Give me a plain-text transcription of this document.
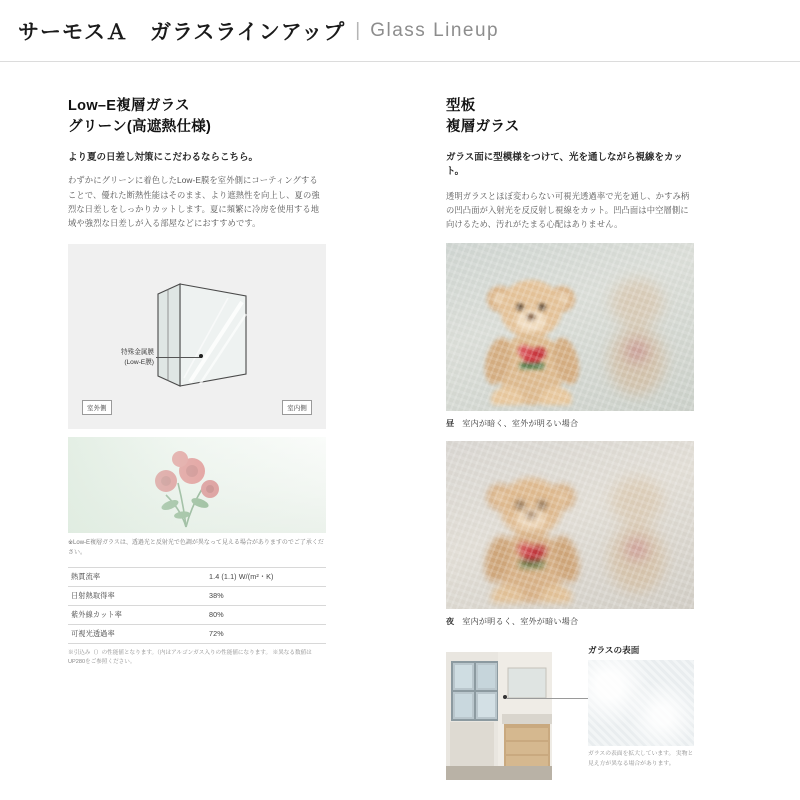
サーモスＡ　ガラスラインアップ | Glass Lineup
Low–E複層ガラス
グリーン(高遮熱仕様)
より夏の日差し対策にこだわるならこちら。
わずかにグリーンに着色したLow-E膜を室外側にコーティングすることで、優れた断熱性能はそのまま、より遮熱性を向上し、夏の強烈な日差しをしっかりカットします。夏に頻繁に冷房を使用する地域や強烈な日差しが入る部屋などにおすすめです。
特殊金属膜
(Low-E膜)
室外側	室内側
※Low-E複層ガラスは、透過光と反射光で色調が異なって見える場合がありますのでご了承ください。
熱貫流率	1.4 (1.1) W/(m²・K)
日射熱取得率	38%
紫外線カット率	80%
可視光透過率	72%
※引込み（）の性能値となります。（内はアルゴンガス入りの性能値になります。 ※異なる数値はUP280をご参照ください。
型板
複層ガラス
ガラス面に型模様をつけて、光を通しながら視線をカット。
透明ガラスとほぼ変わらない可視光透過率で光を通し、かすみ柄の凹凸面が入射光を反反射し視線をカット。凹凸面は中空層側に向けるため、汚れがたまる心配はありません。
昼 室内が暗く、室外が明るい場合
夜 室内が明るく、室外が暗い場合
ガラスの表面
ガラスの表面を拡大しています。 実物と見え方が異なる場合があります。
